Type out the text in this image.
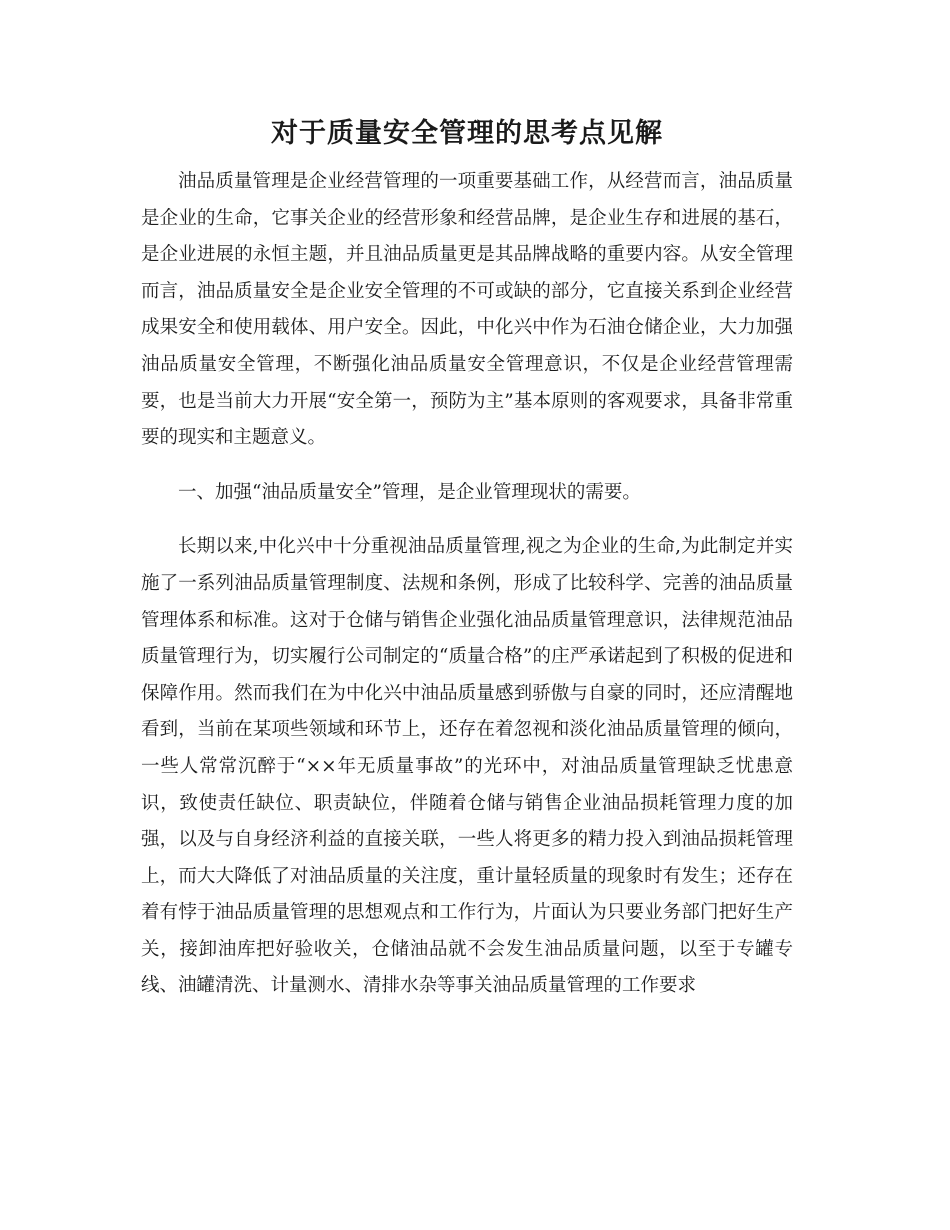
对于质量安全管理的思考点见解

油品质量管理是企业经营管理的一项重要基础工作，从经营而言，油品质量是企业的生命，它事关企业的经营形象和经营品牌，是企业生存和进展的基石，是企业进展的永恒主题，并且油品质量更是其品牌战略的重要内容。从安全管理而言，油品质量安全是企业安全管理的不可或缺的部分，它直接关系到企业经营成果安全和使用载体、用户安全。因此，中化兴中作为石油仓储企业，大力加强油品质量安全管理，不断强化油品质量安全管理意识，不仅是企业经营管理需要，也是当前大力开展“安全第一，预防为主”基本原则的客观要求，具备非常重要的现实和主题意义。

一、加强“油品质量安全”管理，是企业管理现状的需要。

长期以来,中化兴中十分重视油品质量管理,视之为企业的生命,为此制定并实施了一系列油品质量管理制度、法规和条例，形成了比较科学、完善的油品质量管理体系和标准。这对于仓储与销售企业强化油品质量管理意识，法律规范油品质量管理行为，切实履行公司制定的“质量合格”的庄严承诺起到了积极的促进和保障作用。然而我们在为中化兴中油品质量感到骄傲与自豪的同时，还应清醒地看到，当前在某项些领域和环节上，还存在着忽视和淡化油品质量管理的倾向，一些人常常沉醉于“××年无质量事故”的光环中，对油品质量管理缺乏忧患意识，致使责任缺位、职责缺位，伴随着仓储与销售企业油品损耗管理力度的加强，以及与自身经济利益的直接关联，一些人将更多的精力投入到油品损耗管理上，而大大降低了对油品质量的关注度，重计量轻质量的现象时有发生；还存在着有悖于油品质量管理的思想观点和工作行为，片面认为只要业务部门把好生产关，接卸油库把好验收关，仓储油品就不会发生油品质量问题，以至于专罐专线、油罐清洗、计量测水、清排水杂等事关油品质量管理的工作要求
